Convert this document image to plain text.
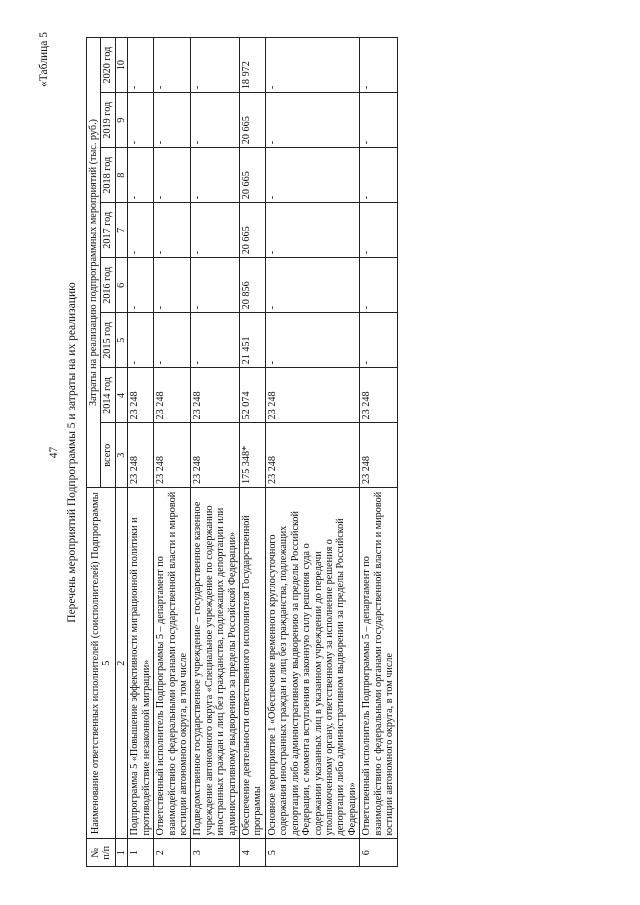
«Таблица 5
47 Перечень мероприятий Подпрограммы 5 и затраты на их реализацию
№ п/п	Наименование ответственных исполнителей (соисполнителей) Подпрограммы 5	Затраты на реализацию подпрограммных мероприятий (тыс. руб.)							
		всего	2014 год	2015 год	2016 год	2017 год	2018 год	2019 год	2020 год
1	2	3	4	5	6	7	8	9	10
1	Подпрограмма 5 «Повышение эффективности миграционной политики и противодействие незаконной миграции»	23 248	23 248	-	-	-	-	-	-
2	Ответственный исполнитель Подпрограммы 5 – департамент по взаимодействию с федеральными органами государственной власти и мировой юстиции автономного округа, в том числе	23 248	23 248	-	-	-	-	-	-
3	Подведомственное государственное учреждение – государственное казенное учреждение автономного округа «Специальное учреждение по содержанию иностранных граждан и лиц без гражданства, подлежащих депортации или административному выдворению за пределы Российской Федерации»	23 248	23 248	-	-	-	-	-	-
4	Обеспечение деятельности ответственного исполнителя Государственной программы	175 348*	52 074	21 451	20 856	20 665	20 665	20 665	18 972
5	Основное мероприятие 1 «Обеспечение временного круглосуточного содержания иностранных граждан и лиц без гражданства, подлежащих депортации либо административному выдворению за пределы Российской Федерации, с момента вступления в законную силу решения суда о содержании указанных лиц в указанном учреждении до передачи уполномоченному органу, ответственному за исполнение решения о депортации либо административном выдворении за пределы Российской Федерации»	23 248	23 248	-	-	-	-	-	-
6	Ответственный исполнитель Подпрограммы 5 – департамент по взаимодействию с федеральными органами государственной власти и мировой юстиции автономного округа, в том числе	23 248	23 248	-	-	-	-	-	-
